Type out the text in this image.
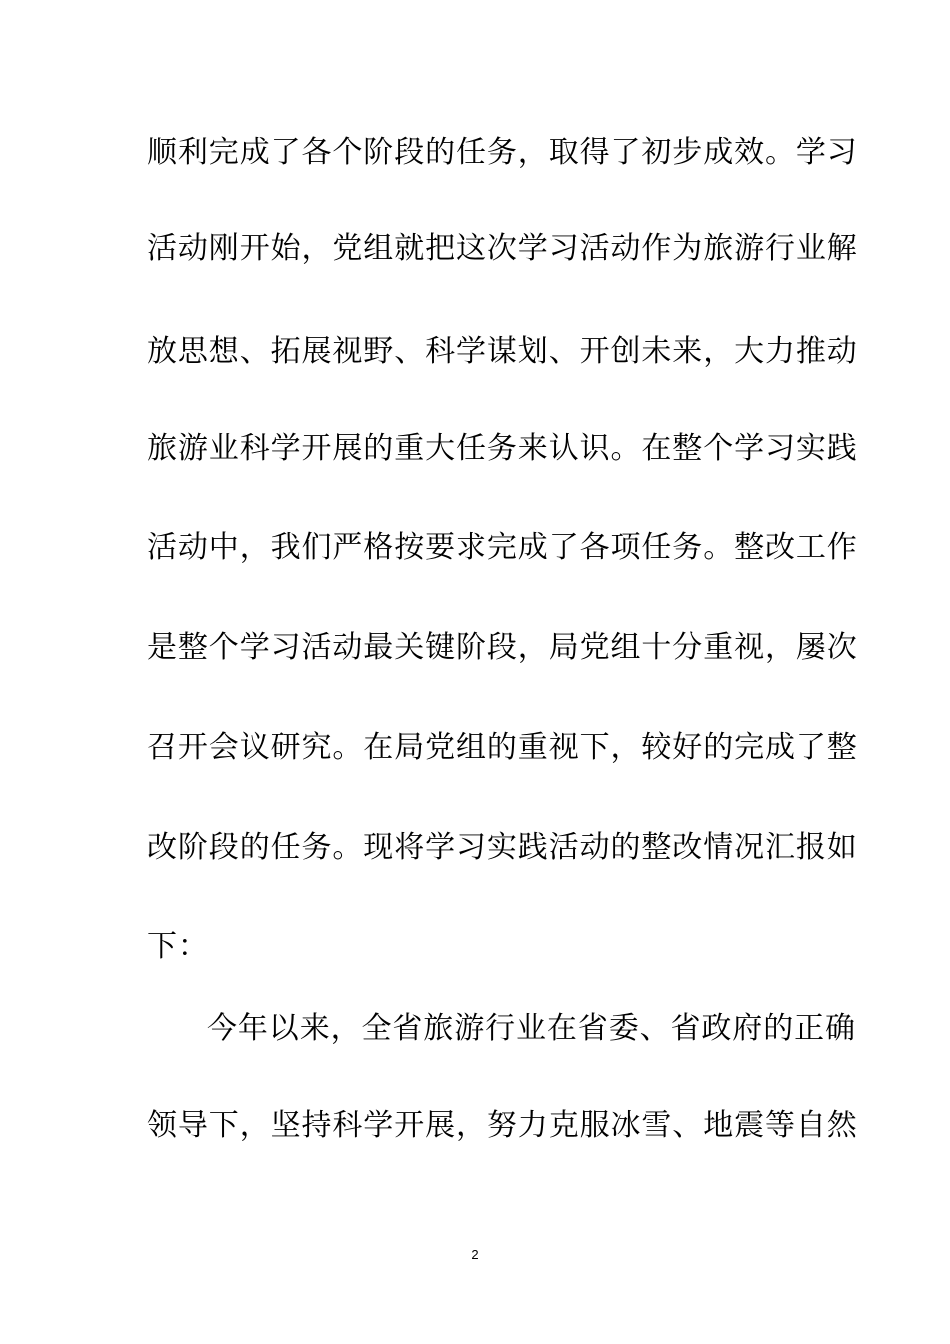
顺利完成了各个阶段的任务，取得了初步成效。学习
活动刚开始，党组就把这次学习活动作为旅游行业解
放思想、拓展视野、科学谋划、开创未来，大力推动
旅游业科学开展的重大任务来认识。在整个学习实践
活动中，我们严格按要求完成了各项任务。整改工作
是整个学习活动最关键阶段，局党组十分重视，屡次
召开会议研究。在局党组的重视下，较好的完成了整
改阶段的任务。现将学习实践活动的整改情况汇报如
下：
今年以来，全省旅游行业在省委、省政府的正确
领导下，坚持科学开展，努力克服冰雪、地震等自然
2
